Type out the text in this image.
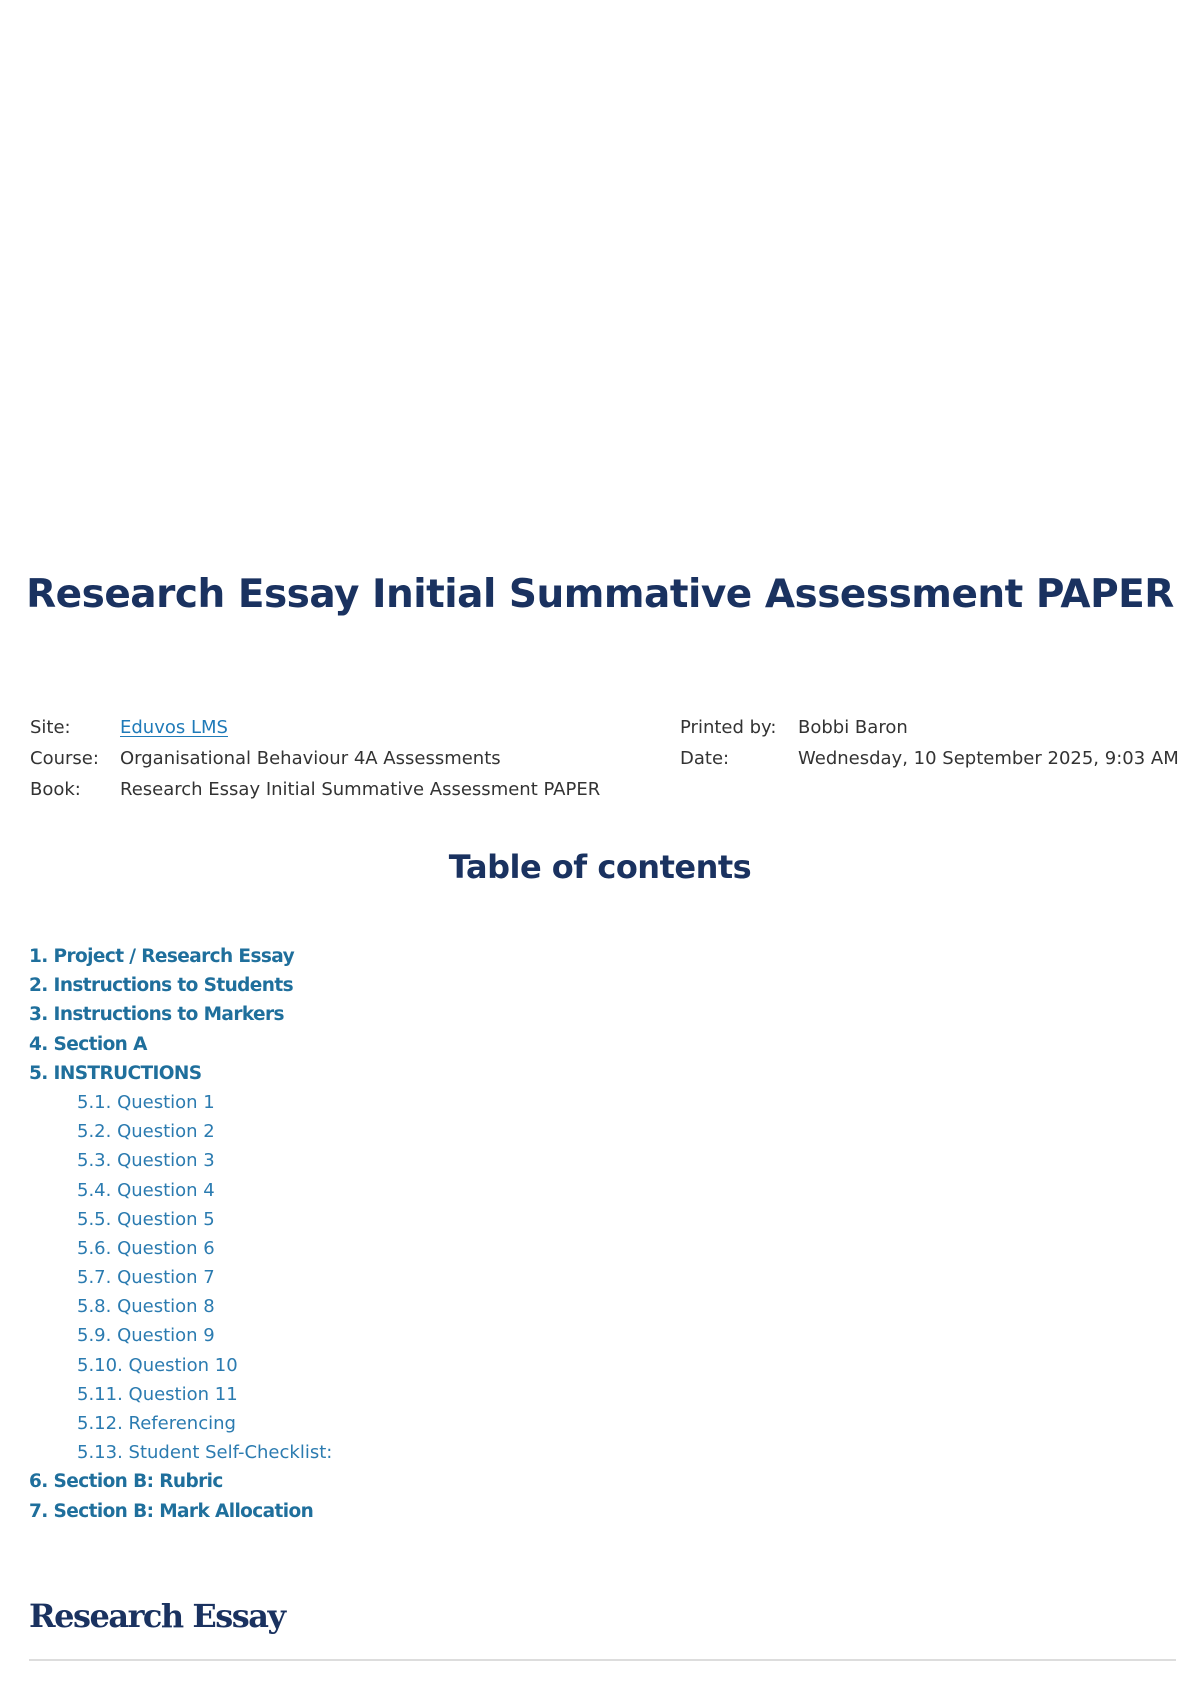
Research Essay Initial Summative Assessment PAPER
Site:	Eduvos LMS
Course: Organisational Behaviour 4A Assessments
Book: Research Essay Initial Summative Assessment PAPER
Printed by: Bobbi Baron
Date:	Wednesday, 10 September 2025, 9:03 AM
Table of contents
1. Project / Research Essay
2. Instructions to Students
3. Instructions to Markers
4. Section A
5. INSTRUCTIONS
5.1. Question 1
5.2. Question 2
5.3. Question 3
5.4. Question 4
5.5. Question 5
5.6. Question 6
5.7. Question 7
5.8. Question 8
5.9. Question 9
5.10. Question 10
5.11. Question 11
5.12. Referencing
5.13. Student Self-Checklist:
6. Section B: Rubric
7. Section B: Mark Allocation
Research Essay
